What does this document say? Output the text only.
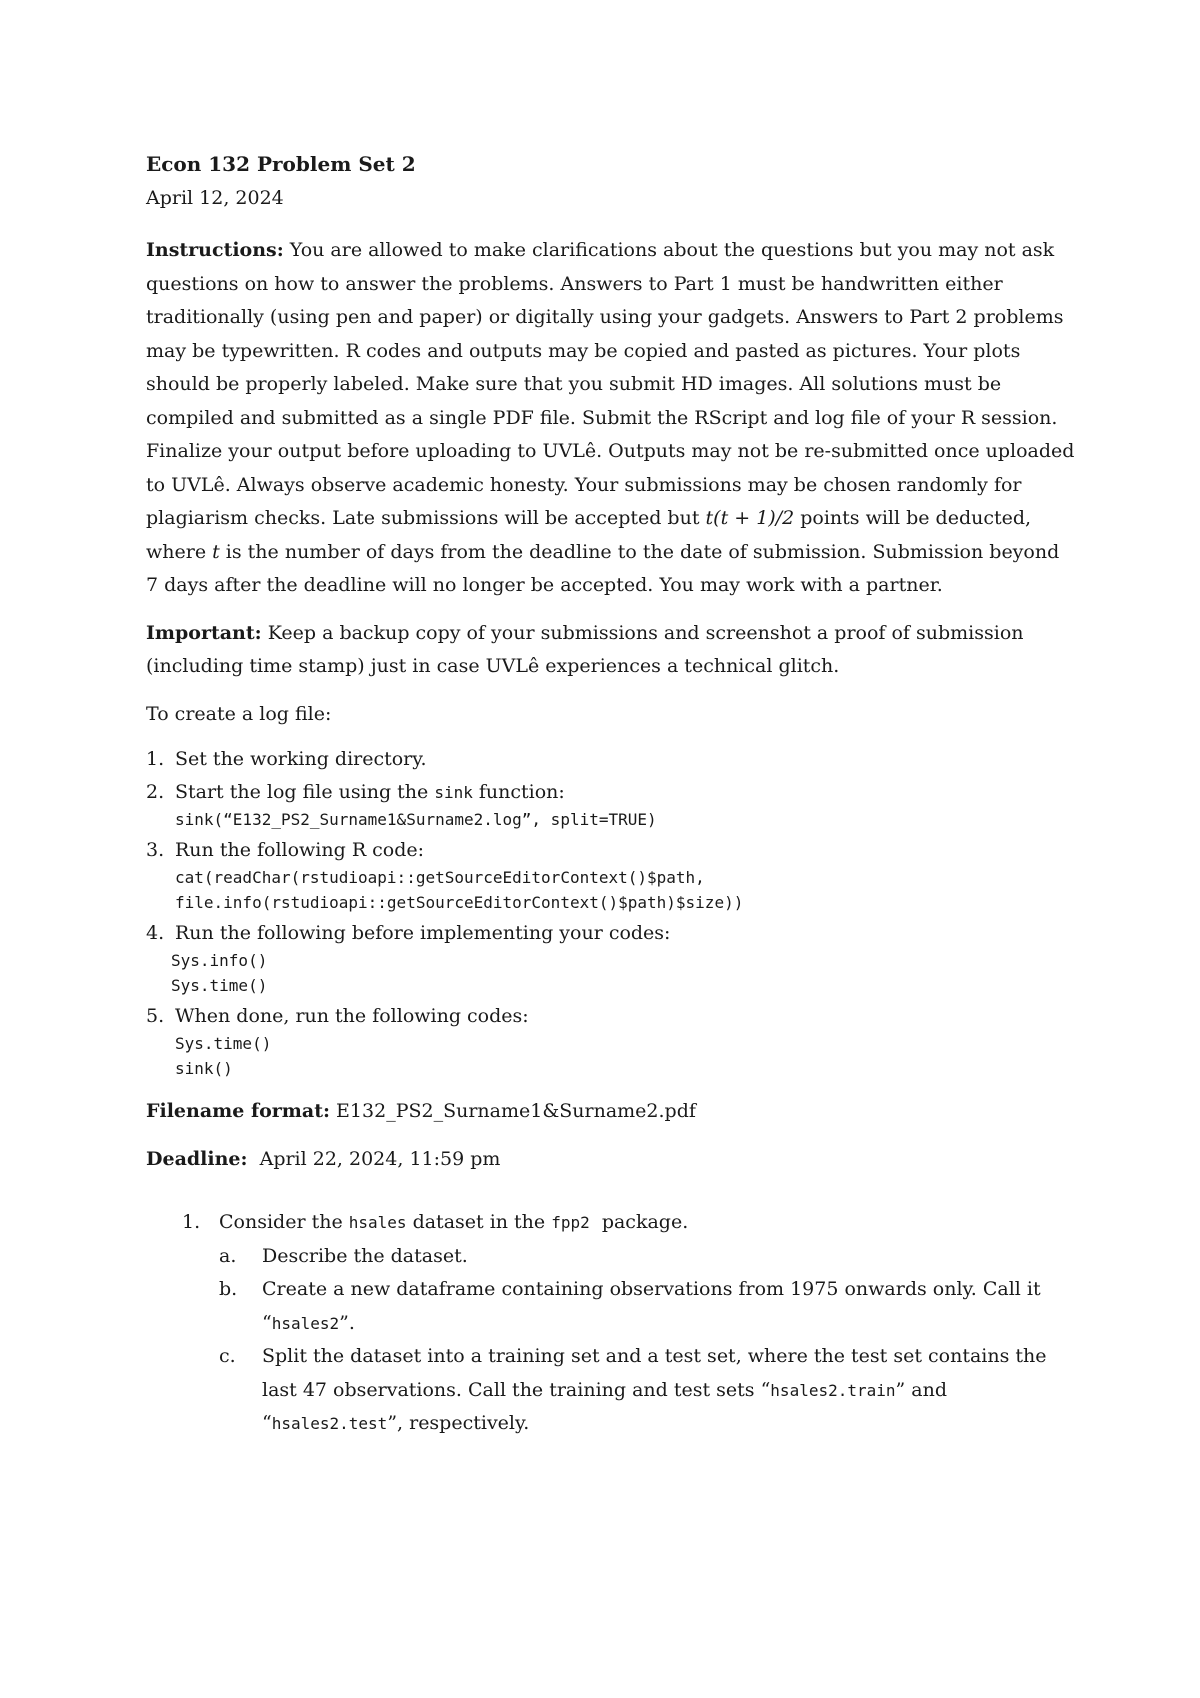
Econ 132 Problem Set 2

April 12, 2024

Instructions: You are allowed to make clarifications about the questions but you may not ask questions on how to answer the problems. Answers to Part 1 must be handwritten either traditionally (using pen and paper) or digitally using your gadgets. Answers to Part 2 problems may be typewritten. R codes and outputs may be copied and pasted as pictures. Your plots should be properly labeled. Make sure that you submit HD images. All solutions must be compiled and submitted as a single PDF file. Submit the RScript and log file of your R session. Finalize your output before uploading to UVLê. Outputs may not be re-submitted once uploaded to UVLê. Always observe academic honesty. Your submissions may be chosen randomly for plagiarism checks. Late submissions will be accepted but t(t + 1)/2 points will be deducted, where t is the number of days from the deadline to the date of submission. Submission beyond 7 days after the deadline will no longer be accepted. You may work with a partner.

Important: Keep a backup copy of your submissions and screenshot a proof of submission (including time stamp) just in case UVLê experiences a technical glitch.

To create a log file:

1. Set the working directory.
2. Start the log file using the sink function:
sink(“E132_PS2_Surname1&Surname2.log”, split=TRUE)
3. Run the following R code:
cat(readChar(rstudioapi::getSourceEditorContext()$path,
file.info(rstudioapi::getSourceEditorContext()$path)$size))
4. Run the following before implementing your codes:
Sys.info()
Sys.time()
5. When done, run the following codes:
Sys.time()
sink()

Filename format: E132_PS2_Surname1&Surname2.pdf

Deadline:  April 22, 2024, 11:59 pm

1. Consider the hsales dataset in the fpp2  package.
a. Describe the dataset.
b. Create a new dataframe containing observations from 1975 onwards only. Call it “hsales2”.
c. Split the dataset into a training set and a test set, where the test set contains the last 47 observations. Call the training and test sets “hsales2.train” and “hsales2.test”, respectively.
